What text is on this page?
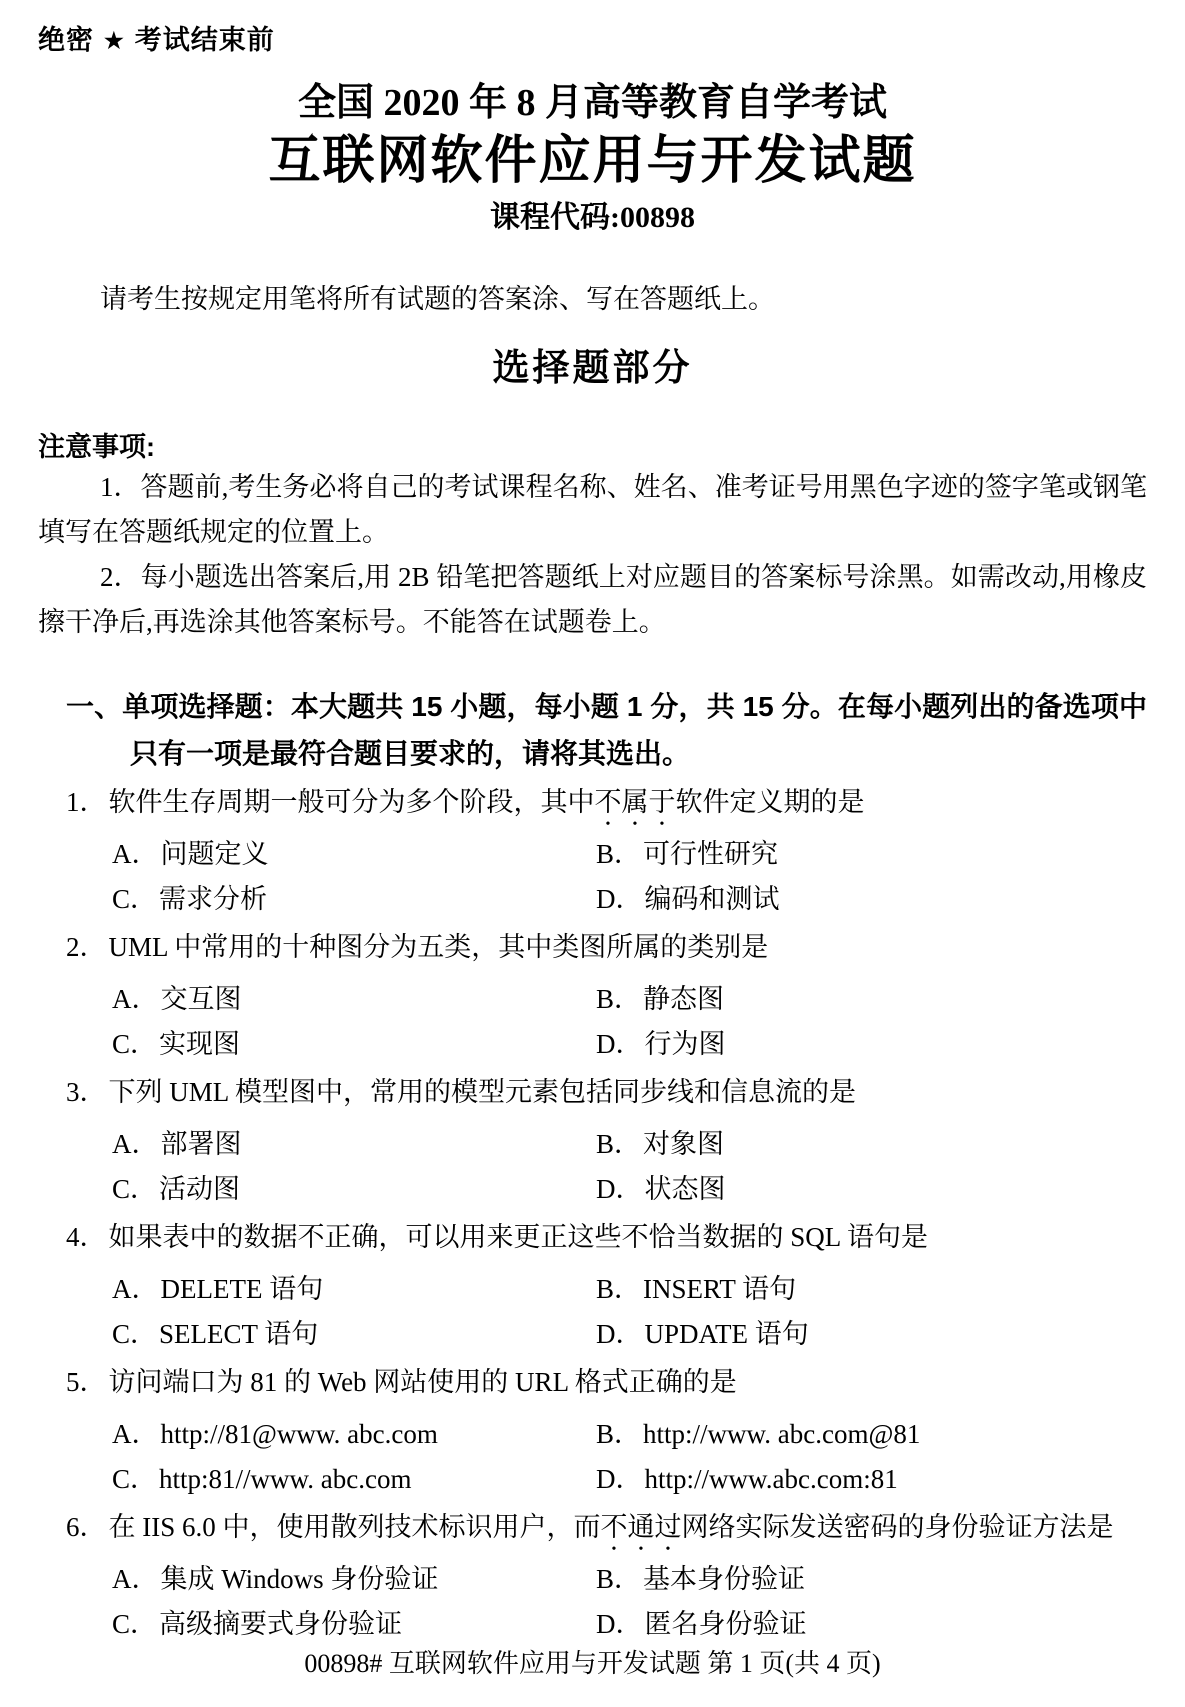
绝密 ★ 考试结束前

全国 2020 年 8 月高等教育自学考试
互联网软件应用与开发试题

课程代码:00898

请考生按规定用笔将所有试题的答案涂、写在答题纸上。

选择题部分

注意事项:

1．答题前,考生务必将自己的考试课程名称、姓名、准考证号用黑色字迹的签字笔或钢笔填写在答题纸规定的位置上。

2．每小题选出答案后,用 2B 铅笔把答题纸上对应题目的答案标号涂黑。如需改动,用橡皮擦干净后,再选涂其他答案标号。不能答在试题卷上。

一、单项选择题：本大题共 15 小题，每小题 1 分，共 15 分。在每小题列出的备选项中只有一项是最符合题目要求的，请将其选出。

1．软件生存周期一般可分为多个阶段，其中不属于软件定义期的是

A．问题定义	B．可行性研究

C．需求分析	D．编码和测试

2．UML 中常用的十种图分为五类，其中类图所属的类别是

A．交互图	B．静态图

C．实现图	D．行为图

3．下列 UML 模型图中，常用的模型元素包括同步线和信息流的是

A．部署图	B．对象图

C．活动图	D．状态图

4．如果表中的数据不正确，可以用来更正这些不恰当数据的 SQL 语句是

A．DELETE 语句	B．INSERT 语句

C．SELECT 语句	D．UPDATE 语句

5．访问端口为 81 的 Web 网站使用的 URL 格式正确的是

A．http://81@www. abc.com	B．http://www. abc.com@81

C．http:81//www. abc.com	D．http://www.abc.com:81

6．在 IIS 6.0 中，使用散列技术标识用户，而不通过网络实际发送密码的身份验证方法是

A．集成 Windows 身份验证	B．基本身份验证

C．高级摘要式身份验证	D．匿名身份验证

00898# 互联网软件应用与开发试题 第 1 页(共 4 页)
